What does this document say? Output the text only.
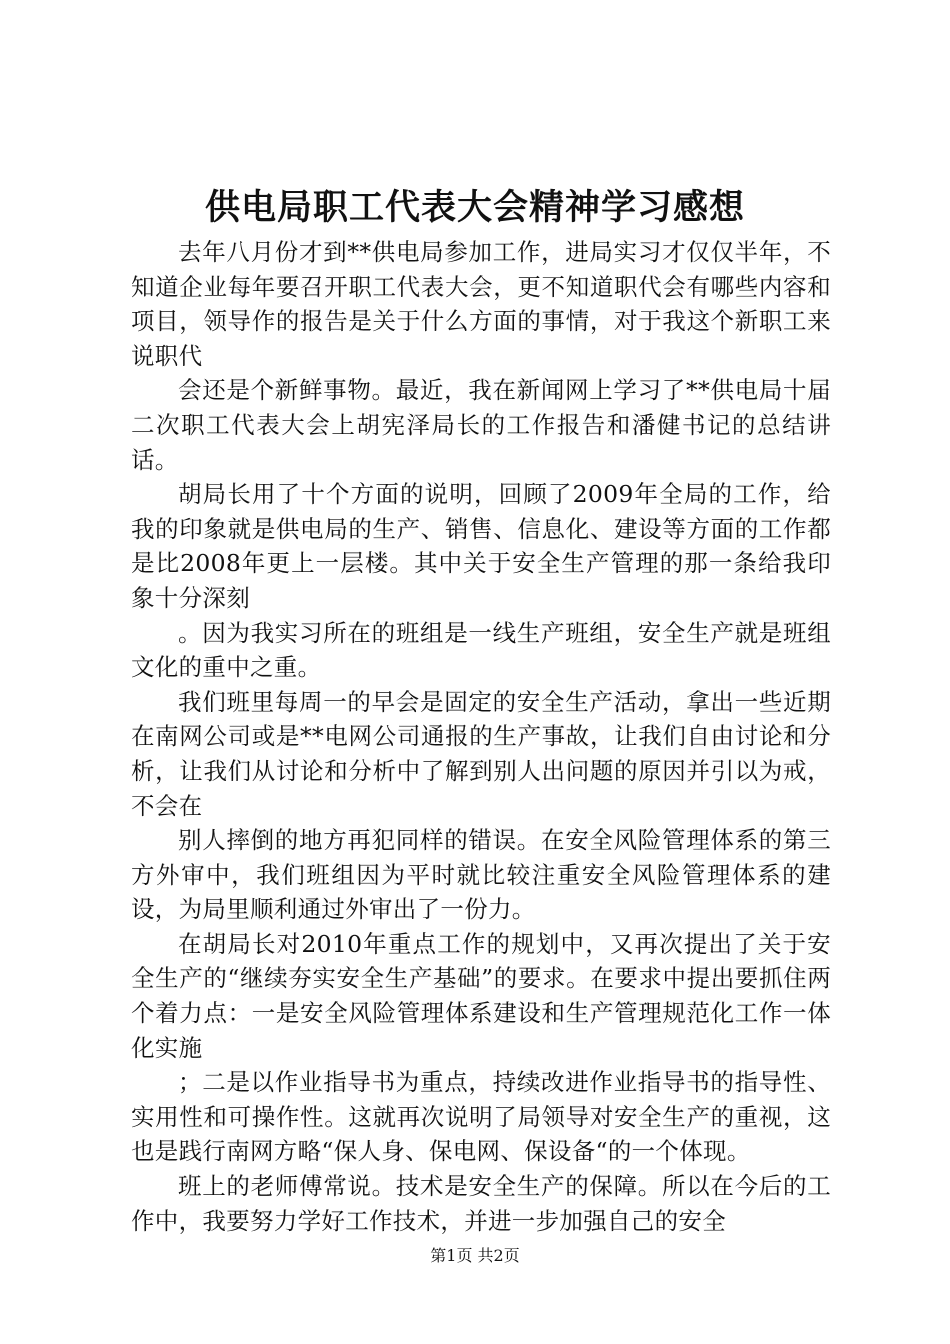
供电局职工代表大会精神学习感想

去年八月份才到**供电局参加工作，进局实习才仅仅半年，不知道企业每年要召开职工代表大会，更不知道职代会有哪些内容和项目，领导作的报告是关于什么方面的事情，对于我这个新职工来说职代

会还是个新鲜事物。最近，我在新闻网上学习了**供电局十届二次职工代表大会上胡宪泽局长的工作报告和潘健书记的总结讲话。

胡局长用了十个方面的说明，回顾了2009年全局的工作，给我的印象就是供电局的生产、销售、信息化、建设等方面的工作都是比2008年更上一层楼。其中关于安全生产管理的那一条给我印象十分深刻

。因为我实习所在的班组是一线生产班组，安全生产就是班组文化的重中之重。

我们班里每周一的早会是固定的安全生产活动，拿出一些近期在南网公司或是**电网公司通报的生产事故，让我们自由讨论和分析，让我们从讨论和分析中了解到别人出问题的原因并引以为戒，不会在

别人摔倒的地方再犯同样的错误。在安全风险管理体系的第三方外审中，我们班组因为平时就比较注重安全风险管理体系的建设，为局里顺利通过外审出了一份力。

在胡局长对2010年重点工作的规划中，又再次提出了关于安全生产的“继续夯实安全生产基础”的要求。在要求中提出要抓住两个着力点：一是安全风险管理体系建设和生产管理规范化工作一体化实施

；二是以作业指导书为重点，持续改进作业指导书的指导性、实用性和可操作性。这就再次说明了局领导对安全生产的重视，这也是践行南网方略“保人身、保电网、保设备“的一个体现。

班上的老师傅常说。技术是安全生产的保障。所以在今后的工作中，我要努力学好工作技术，并进一步加强自己的安全

第1页 共2页
